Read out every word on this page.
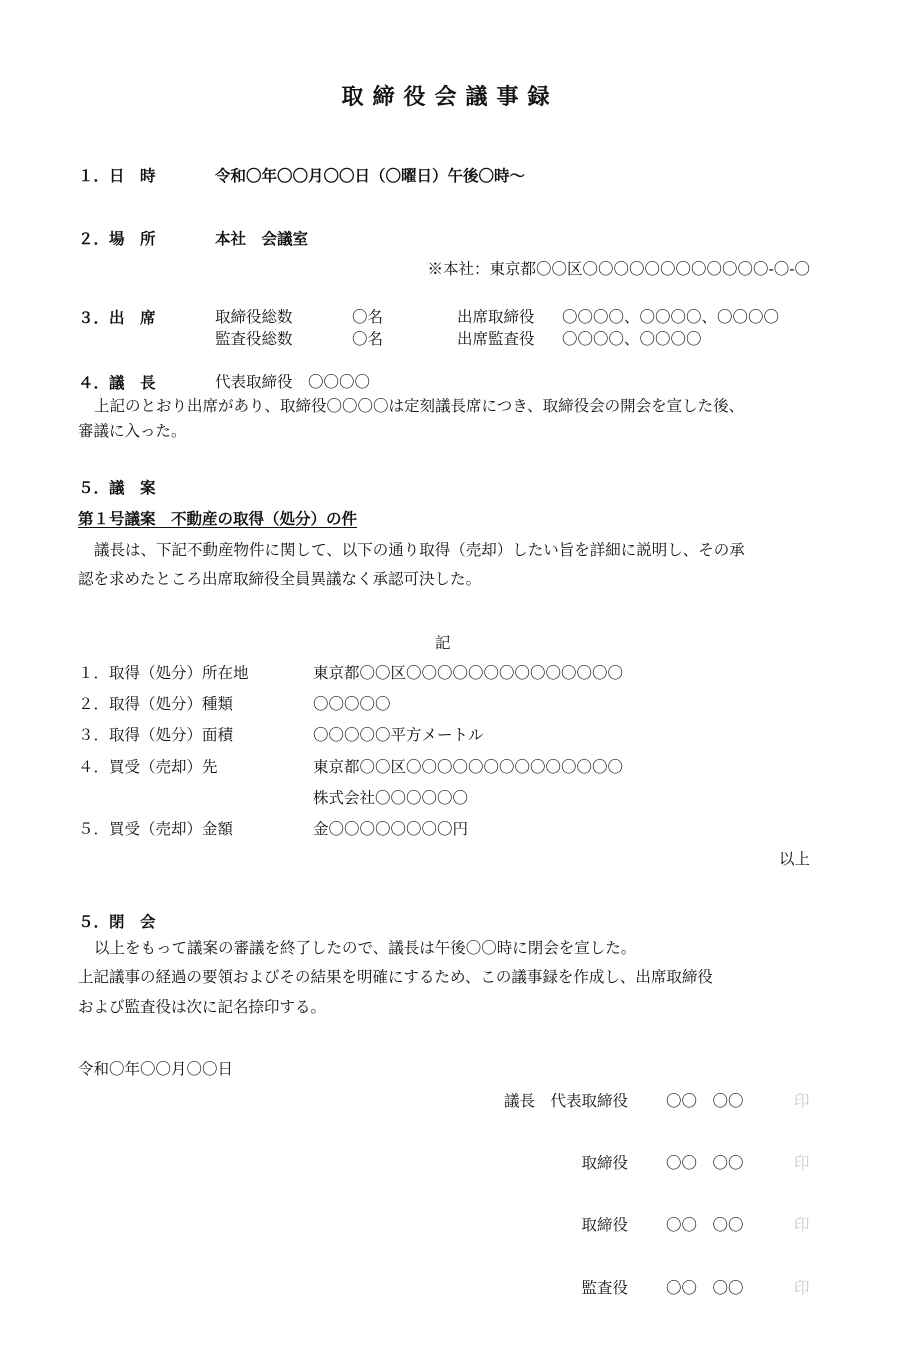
取締役会議事録
１．日　時	令和〇年〇〇月〇〇日（〇曜日）午後〇時～
２．場　所	本社　会議室
※本社：東京都〇〇区〇〇〇〇〇〇〇〇〇〇〇〇-〇-〇
３．出　席	取締役総数	〇名	出席取締役 〇〇〇〇、〇〇〇〇、〇〇〇〇
監査役総数	〇名	出席監査役 〇〇〇〇、〇〇〇〇
４．議　長	代表取締役　〇〇〇〇
上記のとおり出席があり、取締役〇〇〇〇は定刻議長席につき、取締役会の開会を宣した後、
審議に入った。
５．議　案
第１号議案　不動産の取得（処分）の件
議長は、下記不動産物件に関して、以下の通り取得（売却）したい旨を詳細に説明し、その承
認を求めたところ出席取締役全員異議なく承認可決した。
記
１．取得（処分）所在地	東京都〇〇区〇〇〇〇〇〇〇〇〇〇〇〇〇〇
２．取得（処分）種類	〇〇〇〇〇
３．取得（処分）面積	〇〇〇〇〇平方メートル
４．買受（売却）先	東京都〇〇区〇〇〇〇〇〇〇〇〇〇〇〇〇〇
株式会社〇〇〇〇〇〇
５．買受（売却）金額	金〇〇〇〇〇〇〇〇円
以上
５．閉　会
以上をもって議案の審議を終了したので、議長は午後〇〇時に閉会を宣した。
上記議事の経過の要領およびその結果を明確にするため、この議事録を作成し、出席取締役
および監査役は次に記名捺印する。
令和〇年〇〇月〇〇日
議長　代表取締役 〇〇　〇〇	印
取締役 〇〇　〇〇	印
取締役 〇〇　〇〇	印
監査役 〇〇　〇〇	印
